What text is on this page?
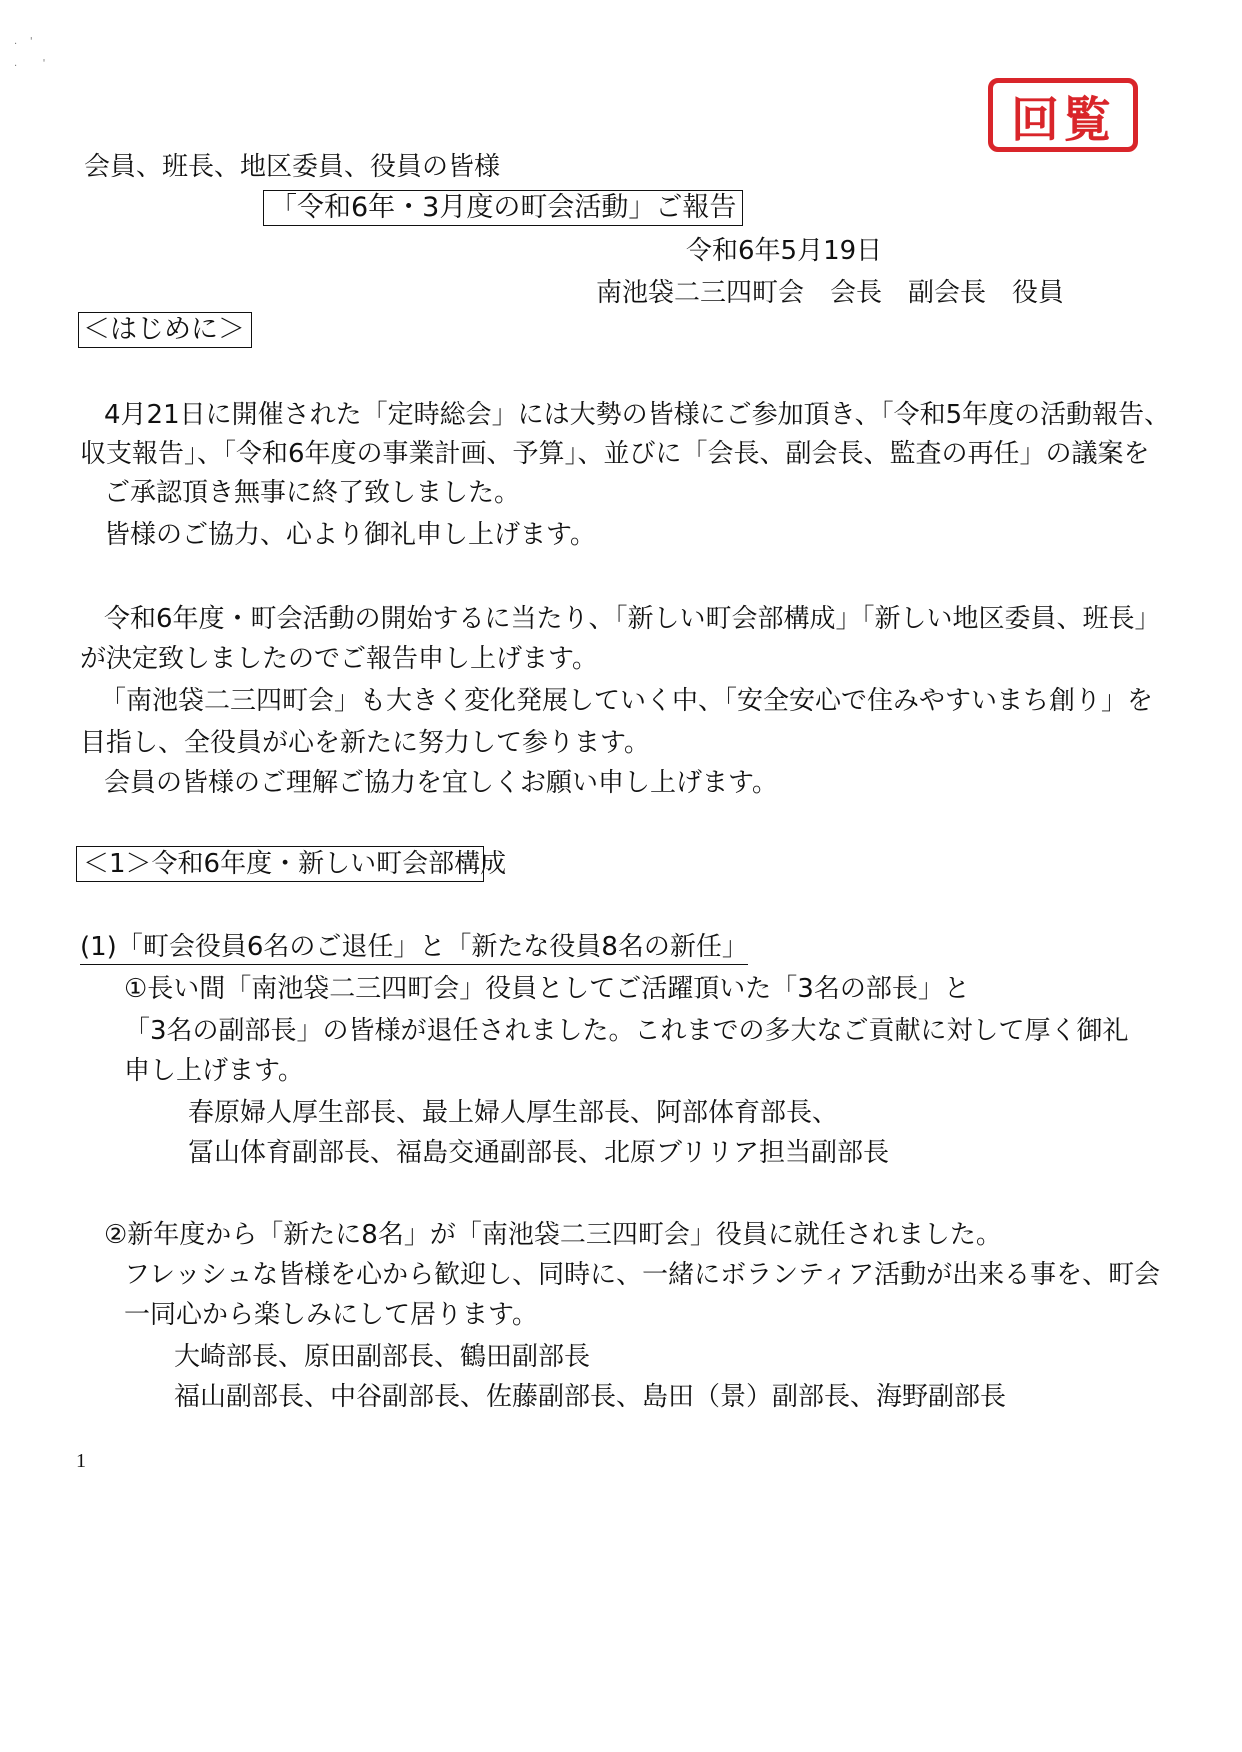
.    '

.        '
回覧
会員、班長、地区委員、役員の皆様
「令和6年・3月度の町会活動」ご報告
令和6年5月19日
南池袋二三四町会　会長　副会長　役員
＜はじめに＞
4月21日に開催された「定時総会」には大勢の皆様にご参加頂き、「令和5年度の活動報告、
収支報告」、「令和6年度の事業計画、予算」、並びに「会長、副会長、監査の再任」の議案を
ご承認頂き無事に終了致しました。
皆様のご協力、心より御礼申し上げます。
令和6年度・町会活動の開始するに当たり、「新しい町会部構成」「新しい地区委員、班長」
が決定致しましたのでご報告申し上げます。
「南池袋二三四町会」も大きく変化発展していく中、「安全安心で住みやすいまち創り」を
目指し、全役員が心を新たに努力して参ります。
会員の皆様のご理解ご協力を宜しくお願い申し上げます。
＜1＞令和6年度・新しい町会部構成
(1)「町会役員6名のご退任」と「新たな役員8名の新任」
①長い間「南池袋二三四町会」役員としてご活躍頂いた「3名の部長」と
「3名の副部長」の皆様が退任されました。これまでの多大なご貢献に対して厚く御礼
申し上げます。
春原婦人厚生部長、最上婦人厚生部長、阿部体育部長、
冨山体育副部長、福島交通副部長、北原ブリリア担当副部長
②新年度から「新たに8名」が「南池袋二三四町会」役員に就任されました。
フレッシュな皆様を心から歓迎し、同時に、一緒にボランティア活動が出来る事を、町会
一同心から楽しみにして居ります。
大崎部長、原田副部長、鶴田副部長
福山副部長、中谷副部長、佐藤副部長、島田（景）副部長、海野副部長
1
